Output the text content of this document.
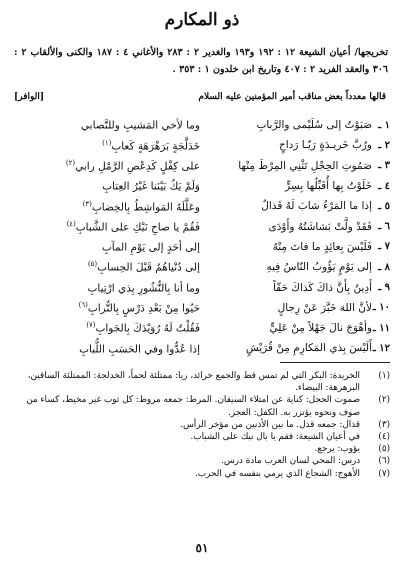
ذو المكارم
تخريجها/ أعيان الشيعة ١٢ : ١٩٢ و١٩٣ والغدير ٢ : ٢٨٣ والأغاني ٤ : ١٨٧ والكنى والألقاب ٢ : ٣٠٦ والعقد الفريد ٢ : ٤٠٧ وتاريخ ابن خلدون ١ : ٣٥٣ .
قالها معدداً بعض مناقب أمير المؤمنين عليه السلام
[الوافر]
١ ـ
صَبَوْتُ إلى سُلَيْمى والرَّبابِ
وما لأخي المَشيبِ وللتَّصابي
٢ ـ
ورُبَّ خَريـدَةٍ رَيّـا رَداحٍ
خَدَلَّجَةٍ بَرَهْرَهَةٍ كَعابِ$^{(١)}$
٣ ـ
صَمُوتِ الحِجْلِ تَثْنِي المِرْطَ مِنْها
على كِفْلٍ كَدِعْصِ الرَّمْلِ رابي$^{(٢)}$
٤ ـ
خَلَوْتُ بِها أُقَبِّلُها بِسِرٍّ
وَلَمْ يَكُ بَيْنَنا غَيْرُ العِتابِ
٥ ـ
إذا ما المَرْءُ شابَ لَهُ قَذالٌ
وعَلَّلَهُ المَواشِطُ بِالخِضابِ$^{(٣)}$
٦ ـ
فَقَدْ ولَّتْ بَشاشَتُهُ وأَوْدَى
فَقُمْ يا صاحِ نَبْكِ على الشَّبابِ$^{(٤)}$
٧ ـ
فَلَيْسَ بِعائِدٍ ما فاتَ مِنْهُ
إلى أحَدٍ إلى يَوْمِ المآبِ
٨ ـ
إلى يَوْمٍ يَؤُوبُ النّاسُ فِيهِ
إلى دُنْياهُمُ قَبْلَ الحِسابِ$^{(٥)}$
٩ ـ
أَدِينُ بِأَنَّ ذاكَ كَذاكَ حَقّاً
وما أنا بِالنُّشُورِ بِذي ارْتِيابِ
١٠ ـ
لأنَّ اللهَ خَبَّرَ عَنْ رِجالٍ
حَيُوا مِنْ بَعْدِ دَرْسٍ بِالتُّرابِ$^{(٦)}$
١١ ـ
وأهْوَجَ نالَ جَهْلاً مِنْ عَلِيٍّ
فَقُلْتُ لَهُ رُوَيْدَكَ بِالجَوابِ$^{(٧)}$
١٢ ـ
أَلَيْسَ بِذي المَكارِمِ مِنْ قُرَيْشٍ
إذا عُدُّوا وفي الحَسَبِ اللُّبابِ
(١)
الخريدة: البكر التي لم تمس قط والجمع خرائد، ريا: ممتلئة لحماً، الخدلجة: الممتلئة الساقين، البرهرهة: البيضاء.
(٢)
صموت الحجل: كناية عن امتلاء السيقان. المرط: جمعه مروط: كل ثوب غير مخيط، كساء من صوف ونحوه يؤتزر به. الكفل: العجز.
(٣)
قذال: جمعه قذل. ما بين الأذنين من مؤخر الرأس.
(٤)
في أعيان الشيعة: فقم يا بال نبك على الشباب.
(٥)
يؤوب: يرجع.
(٦)
درس: المحي لسان العرب مادة درس.
(٧)
الأهوج: الشجاع الذي يرمي بنفسه في الحرب.
٥١
